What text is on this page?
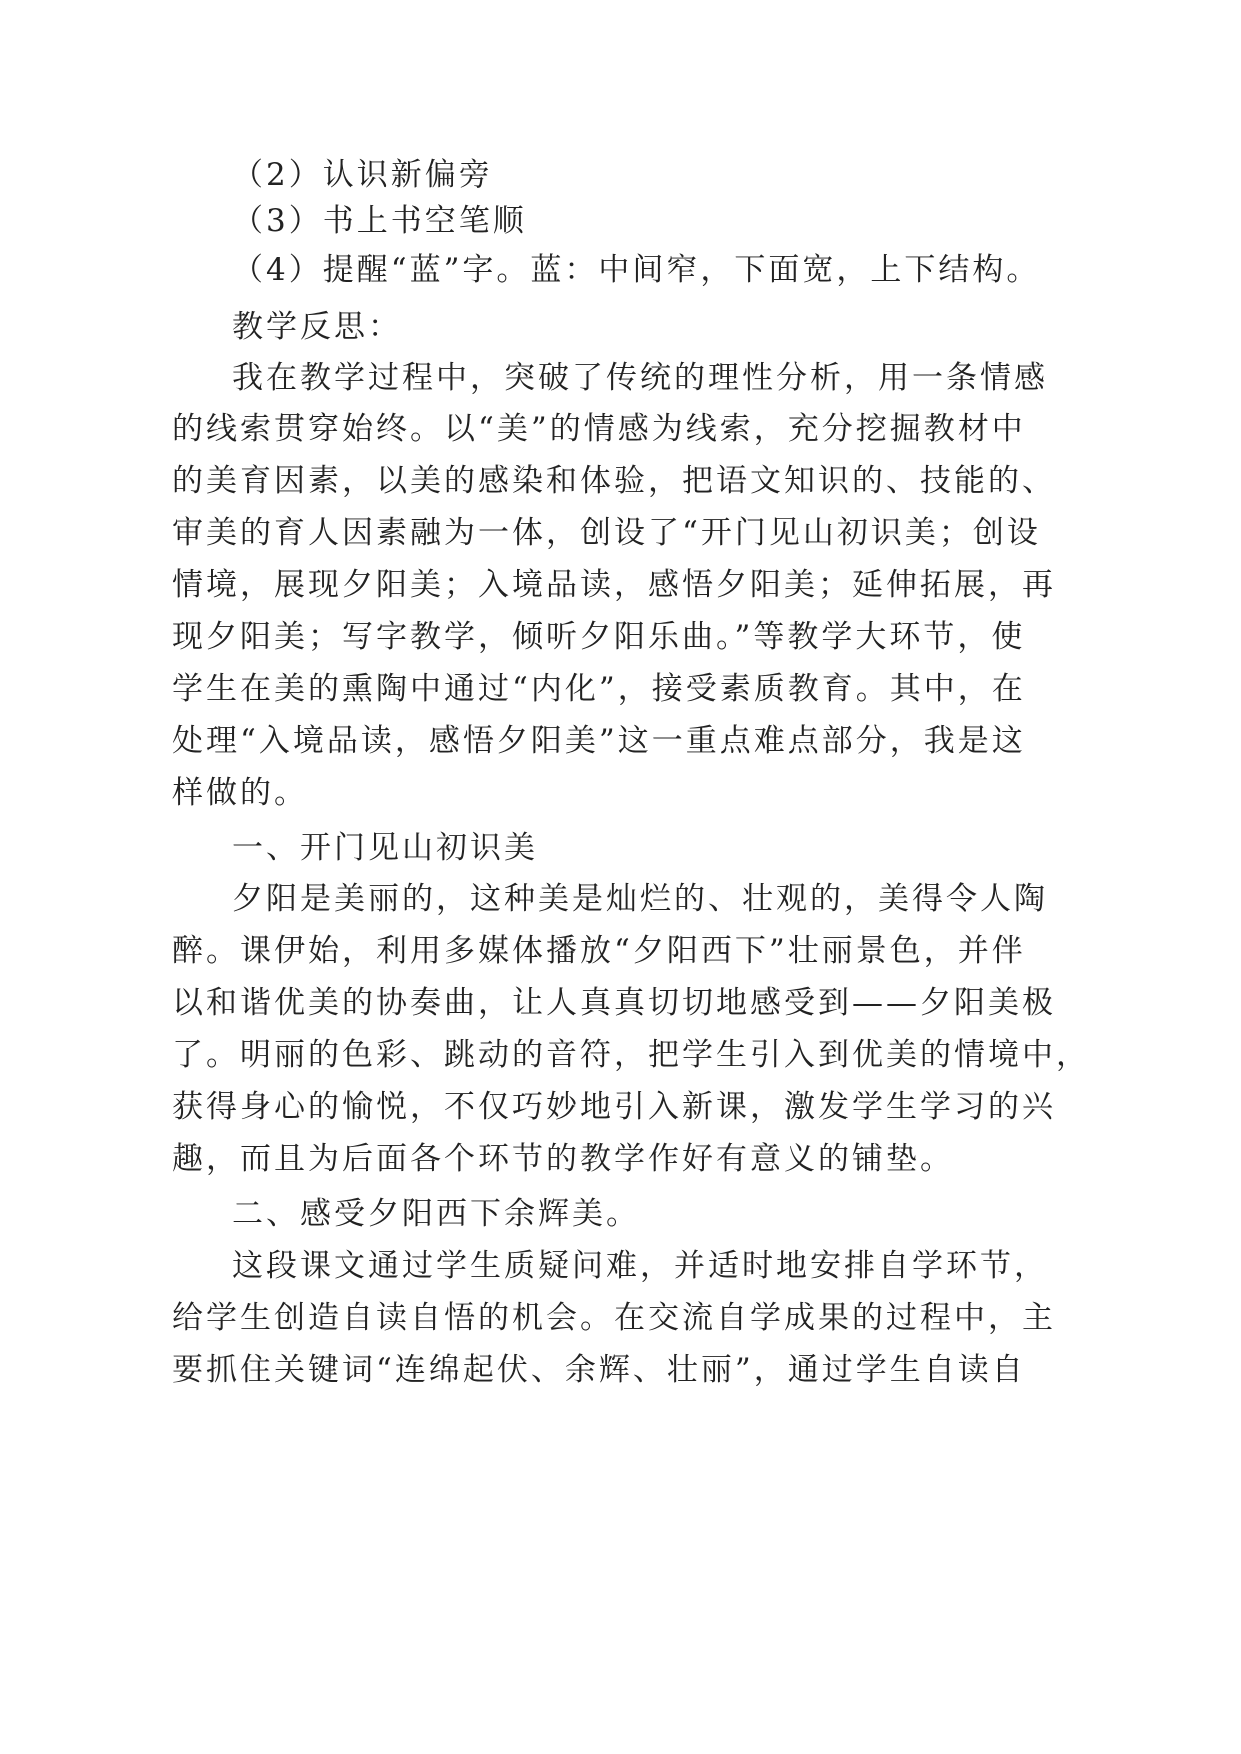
（2）认识新偏旁
（3）书上书空笔顺
（4）提醒“蓝”字。蓝：中间窄，下面宽，上下结构。
教学反思：
我在教学过程中，突破了传统的理性分析，用一条情感
的线索贯穿始终。以“美”的情感为线索，充分挖掘教材中
的美育因素，以美的感染和体验，把语文知识的、技能的、
审美的育人因素融为一体，创设了“开门见山初识美；创设
情境，展现夕阳美；入境品读，感悟夕阳美；延伸拓展，再
现夕阳美；写字教学，倾听夕阳乐曲。”等教学大环节，使
学生在美的熏陶中通过“内化”，接受素质教育。其中，在
处理“入境品读，感悟夕阳美”这一重点难点部分，我是这
样做的。
一、开门见山初识美
夕阳是美丽的，这种美是灿烂的、壮观的，美得令人陶
醉。课伊始，利用多媒体播放“夕阳西下”壮丽景色，并伴
以和谐优美的协奏曲，让人真真切切地感受到——夕阳美极
了。明丽的色彩、跳动的音符，把学生引入到优美的情境中，
获得身心的愉悦，不仅巧妙地引入新课，激发学生学习的兴
趣，而且为后面各个环节的教学作好有意义的铺垫。
二、感受夕阳西下余辉美。
这段课文通过学生质疑问难，并适时地安排自学环节，
给学生创造自读自悟的机会。在交流自学成果的过程中，主
要抓住关键词“连绵起伏、余辉、壮丽”，通过学生自读自
